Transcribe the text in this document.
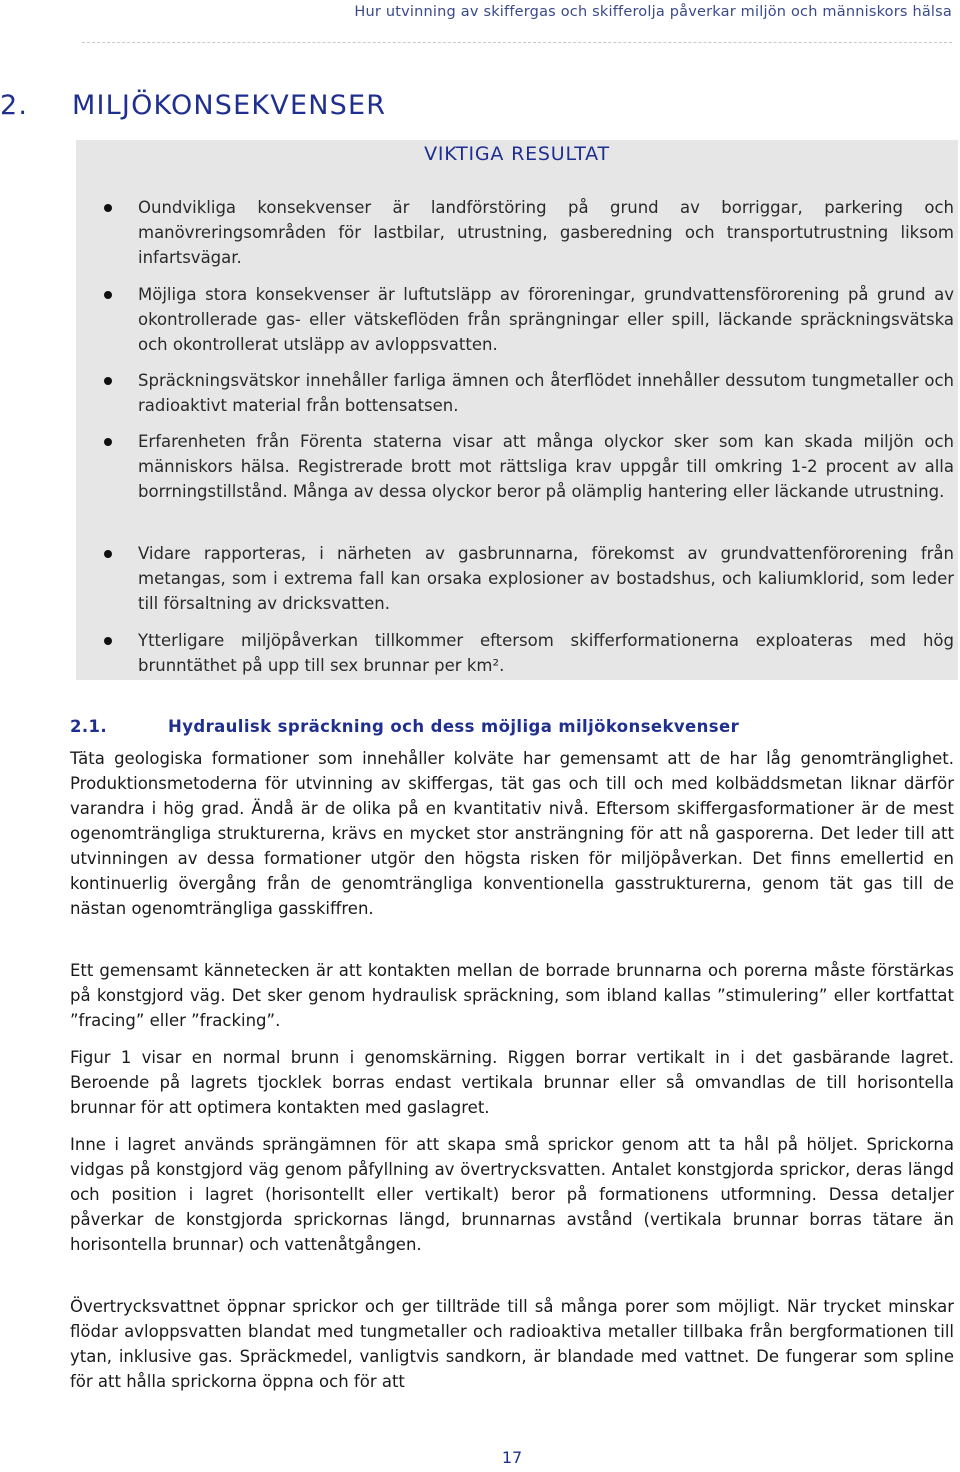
Hur utvinning av skiffergas och skifferolja påverkar miljön och människors hälsa
2. MILJÖKONSEKVENSER
VIKTIGA RESULTAT
Oundvikliga konsekvenser är landförstöring på grund av borriggar, parkering och manövreringsområden för lastbilar, utrustning, gasberedning och transportutrustning liksom infartsvägar.
Möjliga stora konsekvenser är luftutsläpp av föroreningar, grundvattensförorening på grund av okontrollerade gas- eller vätskeflöden från sprängningar eller spill, läckande spräckningsvätska och okontrollerat utsläpp av avloppsvatten.
Spräckningsvätskor innehåller farliga ämnen och återflödet innehåller dessutom tungmetaller och radioaktivt material från bottensatsen.
Erfarenheten från Förenta staterna visar att många olyckor sker som kan skada miljön och människors hälsa. Registrerade brott mot rättsliga krav uppgår till omkring 1-2 procent av alla borrningstillstånd. Många av dessa olyckor beror på olämplig hantering eller läckande utrustning.
Vidare rapporteras, i närheten av gasbrunnarna, förekomst av grundvattenförorening från metangas, som i extrema fall kan orsaka explosioner av bostadshus, och kaliumklorid, som leder till försaltning av dricksvatten.
Ytterligare miljöpåverkan tillkommer eftersom skifferformationerna exploateras med hög brunntäthet på upp till sex brunnar per km².
2.1.	Hydraulisk spräckning och dess möjliga miljökonsekvenser
Täta geologiska formationer som innehåller kolväte har gemensamt att de har låg genomtränglighet. Produktionsmetoderna för utvinning av skiffergas, tät gas och till och med kolbäddsmetan liknar därför varandra i hög grad. Ändå är de olika på en kvantitativ nivå. Eftersom skiffergasformationer är de mest ogenomträngliga strukturerna, krävs en mycket stor ansträngning för att nå gasporerna. Det leder till att utvinningen av dessa formationer utgör den högsta risken för miljöpåverkan. Det finns emellertid en kontinuerlig övergång från de genomträngliga konventionella gasstrukturerna, genom tät gas till de nästan ogenomträngliga gasskiffren.
Ett gemensamt kännetecken är att kontakten mellan de borrade brunnarna och porerna måste förstärkas på konstgjord väg. Det sker genom hydraulisk spräckning, som ibland kallas ”stimulering” eller kortfattat ”fracing” eller ”fracking”.
Figur 1 visar en normal brunn i genomskärning. Riggen borrar vertikalt in i det gasbärande lagret. Beroende på lagrets tjocklek borras endast vertikala brunnar eller så omvandlas de till horisontella brunnar för att optimera kontakten med gaslagret.
Inne i lagret används sprängämnen för att skapa små sprickor genom att ta hål på höljet. Sprickorna vidgas på konstgjord väg genom påfyllning av övertrycksvatten. Antalet konstgjorda sprickor, deras längd och position i lagret (horisontellt eller vertikalt) beror på formationens utformning. Dessa detaljer påverkar de konstgjorda sprickornas längd, brunnarnas avstånd (vertikala brunnar borras tätare än horisontella brunnar) och vattenåtgången.
Övertrycksvattnet öppnar sprickor och ger tillträde till så många porer som möjligt. När trycket minskar flödar avloppsvatten blandat med tungmetaller och radioaktiva metaller tillbaka från bergformationen till ytan, inklusive gas. Spräckmedel, vanligtvis sandkorn, är blandade med vattnet. De fungerar som spline för att hålla sprickorna öppna och för att
17
